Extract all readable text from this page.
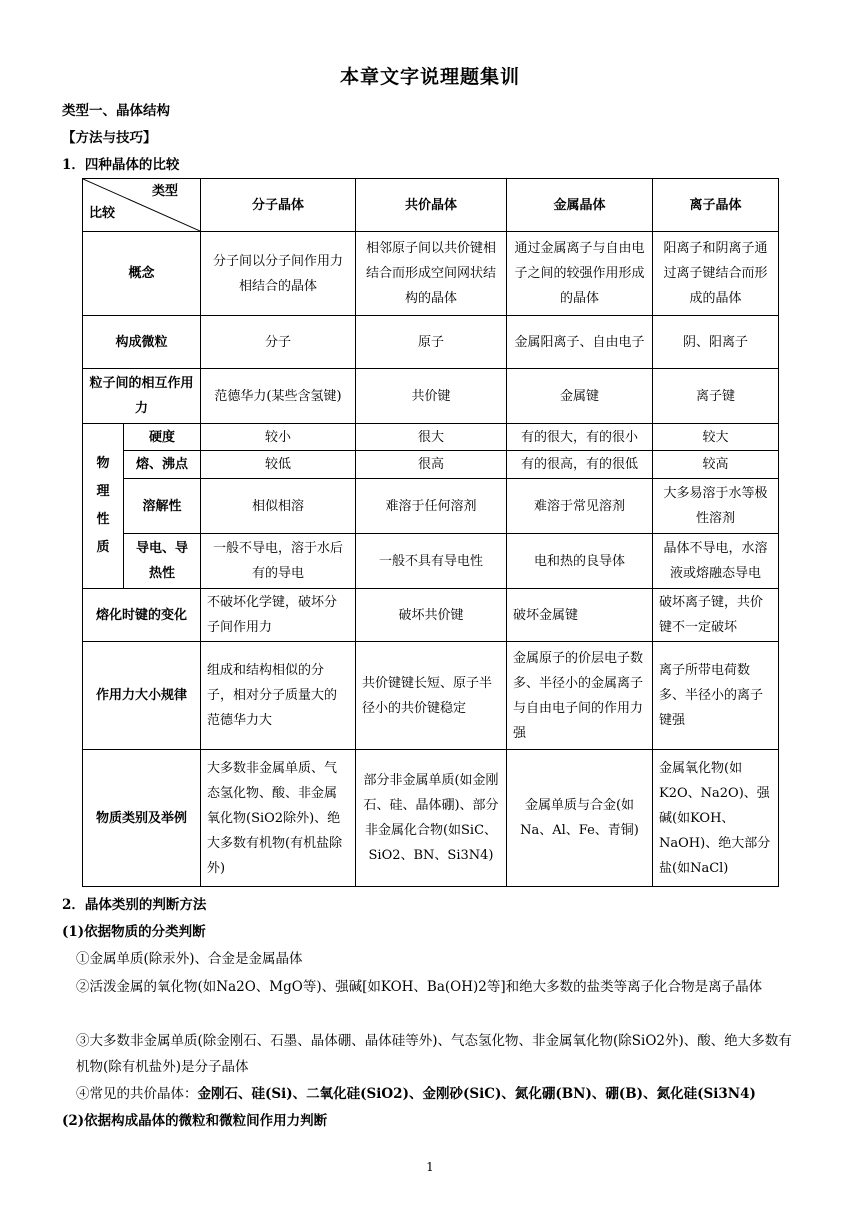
本章文字说理题集训
类型一、晶体结构
【方法与技巧】
1．四种晶体的比较
类型
比较		分子晶体	共价晶体	金属晶体	离子晶体
概念		分子间以分子间作用力相结合的晶体	相邻原子间以共价键相结合而形成空间网状结构的晶体	通过金属离子与自由电子之间的较强作用形成的晶体	阳离子和阴离子通过离子键结合而形成的晶体
构成微粒		分子	原子	金属阳离子、自由电子	阴、阳离子
粒子间的相互作用力		范德华力(某些含氢键)	共价键	金属键	离子键
物理性质	硬度	较小	很大	有的很大，有的很小	较大
	熔、沸点	较低	很高	有的很高，有的很低	较高
	溶解性	相似相溶	难溶于任何溶剂	难溶于常见溶剂	大多易溶于水等极性溶剂
	导电、导热性	一般不导电，溶于水后有的导电	一般不具有导电性	电和热的良导体	晶体不导电，水溶液或熔融态导电
熔化时键的变化		不破坏化学键，破坏分子间作用力	破坏共价键	破坏金属键	破坏离子键，共价键不一定破坏
作用力大小规律		组成和结构相似的分子，相对分子质量大的范德华力大	共价键键长短、原子半径小的共价键稳定	金属原子的价层电子数多、半径小的金属离子与自由电子间的作用力强	离子所带电荷数多、半径小的离子键强
物质类别及举例		大多数非金属单质、气态氢化物、酸、非金属氧化物(SiO2除外)、绝大多数有机物(有机盐除外)	部分非金属单质(如金刚石、硅、晶体硼)、部分非金属化合物(如SiC、SiO2、BN、Si3N4)	金属单质与合金(如Na、Al、Fe、青铜)	金属氧化物(如K2O、Na2O)、强碱(如KOH、NaOH)、绝大部分盐(如NaCl)
2．晶体类别的判断方法
(1)依据物质的分类判断
①金属单质(除汞外)、合金是金属晶体
②活泼金属的氧化物(如Na2O、MgO等)、强碱[如KOH、Ba(OH)2等]和绝大多数的盐类等离子化合物是离子晶体
③大多数非金属单质(除金刚石、石墨、晶体硼、晶体硅等外)、气态氢化物、非金属氧化物(除SiO2外)、酸、绝大多数有机物(除有机盐外)是分子晶体
④常见的共价晶体：金刚石、硅(Si)、二氧化硅(SiO2)、金刚砂(SiC)、氮化硼(BN)、硼(B)、氮化硅(Si3N4)
(2)依据构成晶体的微粒和微粒间作用力判断
1
